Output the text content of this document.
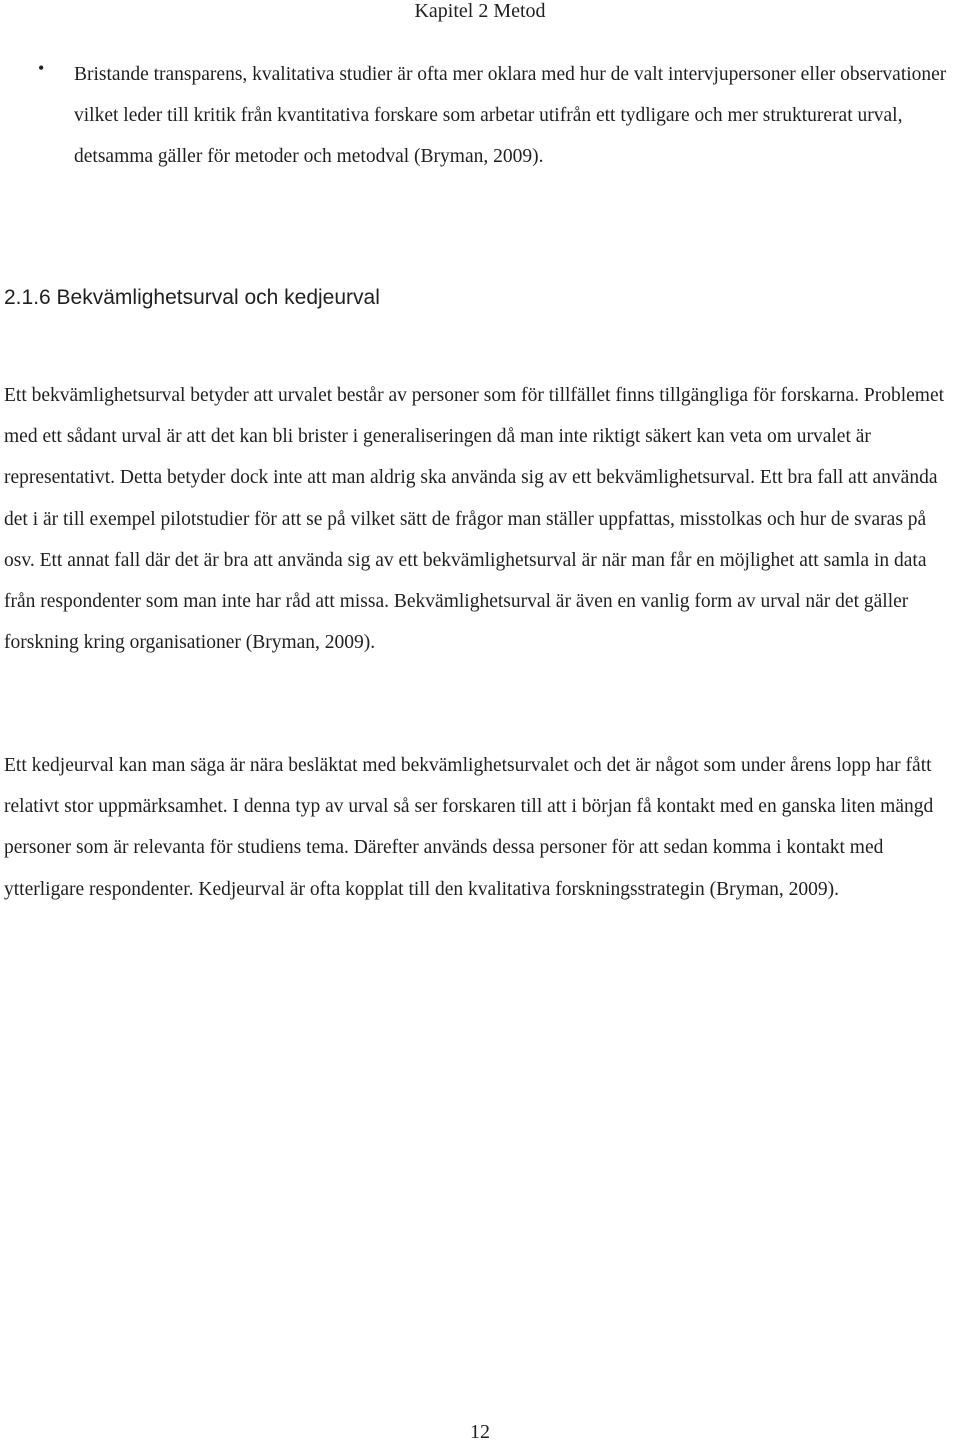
Kapitel 2 Metod
• Bristande transparens, kvalitativa studier är ofta mer oklara med hur de valt intervjupersoner eller observationer vilket leder till kritik från kvantitativa forskare som arbetar utifrån ett tydligare och mer strukturerat urval, detsamma gäller för metoder och metodval (Bryman, 2009).

2.1.6 Bekvämlighetsurval och kedjeurval

Ett bekvämlighetsurval betyder att urvalet består av personer som för tillfället finns tillgängliga för forskarna. Problemet med ett sådant urval är att det kan bli brister i generaliseringen då man inte riktigt säkert kan veta om urvalet är representativt. Detta betyder dock inte att man aldrig ska använda sig av ett bekvämlighetsurval. Ett bra fall att använda det i är till exempel pilotstudier för att se på vilket sätt de frågor man ställer uppfattas, misstolkas och hur de svaras på osv. Ett annat fall där det är bra att använda sig av ett bekvämlighetsurval är när man får en möjlighet att samla in data från respondenter som man inte har råd att missa. Bekvämlighetsurval är även en vanlig form av urval när det gäller forskning kring organisationer (Bryman, 2009).

Ett kedjeurval kan man säga är nära besläktat med bekvämlighetsurvalet och det är något som under årens lopp har fått relativt stor uppmärksamhet. I denna typ av urval så ser forskaren till att i början få kontakt med en ganska liten mängd personer som är relevanta för studiens tema. Därefter används dessa personer för att sedan komma i kontakt med ytterligare respondenter. Kedjeurval är ofta kopplat till den kvalitativa forskningsstrategin (Bryman, 2009).

12
